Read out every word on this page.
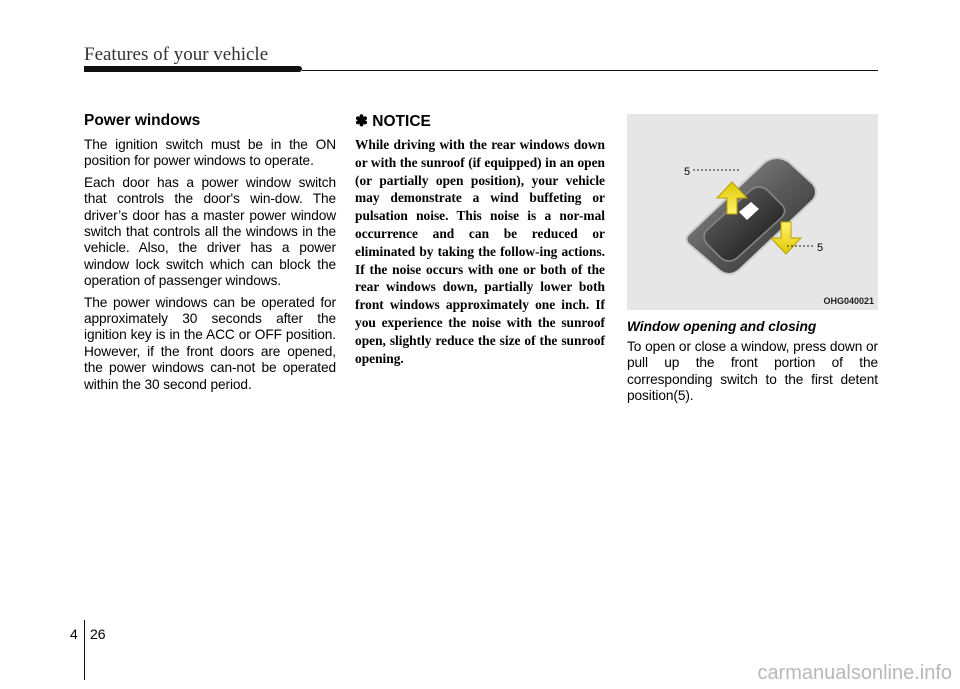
Features of your vehicle
Power windows

The ignition switch must be in the ON position for power windows to operate.

Each door has a power window switch that controls the door's win-dow. The driver’s door has a master power window switch that controls all the windows in the vehicle. Also, the driver has a power window lock switch which can block the operation of passenger windows.

The power windows can be operated for approximately 30 seconds after the ignition key is in the ACC or OFF position. However, if the front doors are opened, the power windows can-not be operated within the 30 second period.

✽ NOTICE

While driving with the rear windows down or with the sunroof (if equipped) in an open (or partially open position), your vehicle may demonstrate a wind buffeting or pulsation noise. This noise is a nor-mal occurrence and can be reduced or eliminated by taking the follow-ing actions. If the noise occurs with one or both of the rear windows down, partially lower both front windows approximately one inch. If you experience the noise with the sunroof open, slightly reduce the size of the sunroof opening.

5
5
OHG040021
Window opening and closing

To open or close a window, press down or pull up the front portion of the corresponding switch to the first detent position(5).

4 26
carmanualsonline.info
